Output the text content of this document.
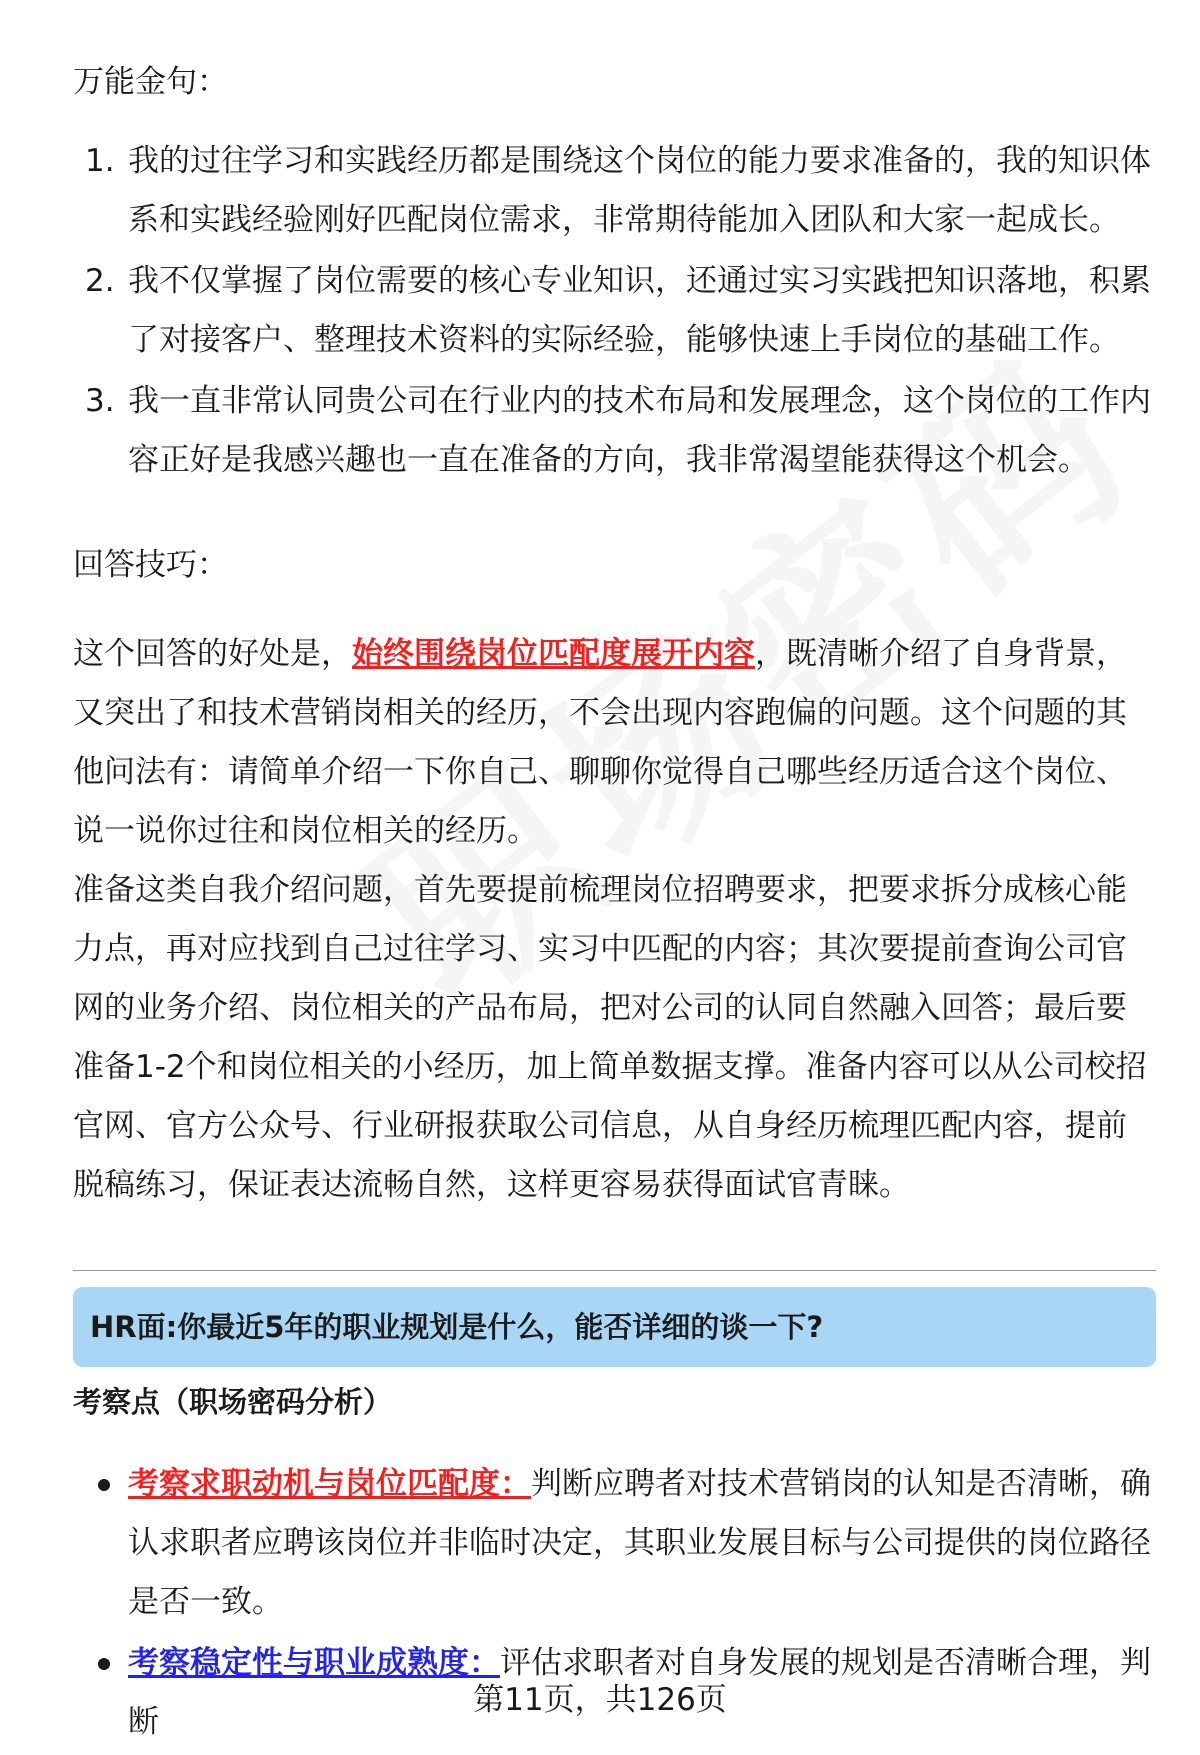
万能金句：
1. 我的过往学习和实践经历都是围绕这个岗位的能力要求准备的，我的知识体系和实践经验刚好匹配岗位需求，非常期待能加入团队和大家一起成长。
2. 我不仅掌握了岗位需要的核心专业知识，还通过实习实践把知识落地，积累了对接客户、整理技术资料的实际经验，能够快速上手岗位的基础工作。
3. 我一直非常认同贵公司在行业内的技术布局和发展理念，这个岗位的工作内容正好是我感兴趣也一直在准备的方向，我非常渴望能获得这个机会。
回答技巧：

这个回答的好处是，始终围绕岗位匹配度展开内容，既清晰介绍了自身背景，又突出了和技术营销岗相关的经历，不会出现内容跑偏的问题。这个问题的其他问法有：请简单介绍一下你自己、聊聊你觉得自己哪些经历适合这个岗位、说一说你过往和岗位相关的经历。

准备这类自我介绍问题，首先要提前梳理岗位招聘要求，把要求拆分成核心能力点，再对应找到自己过往学习、实习中匹配的内容；其次要提前查询公司官网的业务介绍、岗位相关的产品布局，把对公司的认同自然融入回答；最后要准备1-2个和岗位相关的小经历，加上简单数据支撑。准备内容可以从公司校招官网、官方公众号、行业研报获取公司信息，从自身经历梳理匹配内容，提前脱稿练习，保证表达流畅自然，这样更容易获得面试官青睐。

HR面:你最近5年的职业规划是什么，能否详细的谈一下?
考察点（职场密码分析）
考察求职动机与岗位匹配度：判断应聘者对技术营销岗的认知是否清晰，确认求职者应聘该岗位并非临时决定，其职业发展目标与公司提供的岗位路径是否一致。
考察稳定性与职业成熟度：评估求职者对自身发展的规划是否清晰合理，判断
第11页，共126页
